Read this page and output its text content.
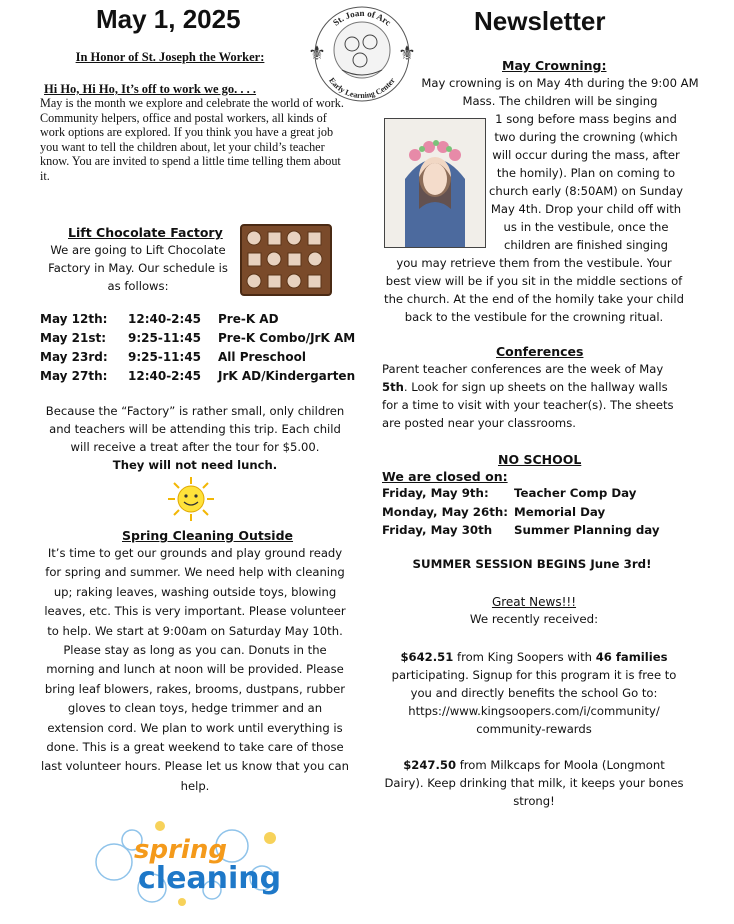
May 1, 2025	Newsletter
St. Joan of Arc
Early Learning Center
⚜	⚜
In Honor of St. Joseph the Worker:
Hi Ho, Hi Ho, It’s off to work we go. . . .
May is the month we explore and celebrate the world of work. Community helpers, office and postal workers, all kinds of work options are explored. If you think you have a great job you want to tell the children about, let your child’s teacher know. You are invited to spend a little time telling them about it.
Lift Chocolate Factory
We are going to Lift Chocolate Factory in May. Our schedule is as follows:
May 12th: 12:40-2:45 Pre-K AD
May 21st: 9:25-11:45 Pre-K Combo/JrK AM
May 23rd: 9:25-11:45 All Preschool
May 27th: 12:40-2:45 JrK AD/Kindergarten
Because the “Factory” is rather small, only children and teachers will be attending this trip. Each child will receive a treat after the tour for $5.00.
They will not need lunch.
Spring Cleaning Outside
It’s time to get our grounds and play ground ready for spring and summer. We need help with cleaning up; raking leaves, washing outside toys, blowing leaves, etc. This is very important. Please volunteer to help. We start at 9:00am on Saturday May 10th. Please stay as long as you can. Donuts in the morning and lunch at noon will be provided. Please bring leaf blowers, rakes, brooms, dustpans, rubber gloves to clean toys, hedge trimmer and an extension cord. We plan to work until everything is done. This is a great weekend to take care of those last volunteer hours. Please let us know that you can help.
spring
cleaning
May Crowning:
May crowning is on May 4th during the 9:00 AM Mass. The children will be singing
1 song before mass begins and two during the crowning (which will occur during the mass, after the homily). Plan on coming to church early (8:50AM) on Sunday May 4th. Drop your child off with us in the vestibule, once the children are finished singing
you may retrieve them from the vestibule. Your best view will be if you sit in the middle sections of the church. At the end of the homily take your child back to the vestibule for the crowning ritual.
Conferences
Parent teacher conferences are the week of May 5th. Look for sign up sheets on the hallway walls for a time to visit with your teacher(s). The sheets are posted near your classrooms.
NO SCHOOL
We are closed on:
Friday, May 9th: Teacher Comp Day
Monday, May 26th: Memorial Day
Friday, May 30th Summer Planning day
SUMMER SESSION BEGINS June 3rd!
Great News!!!
We recently received:
$642.51 from King Soopers with 46 families participating. Signup for this program it is free to you and directly benefits the school Go to: https://www.kingsoopers.com/i/community/ community-rewards
$247.50 from Milkcaps for Moola (Longmont Dairy). Keep drinking that milk, it keeps your bones strong!
